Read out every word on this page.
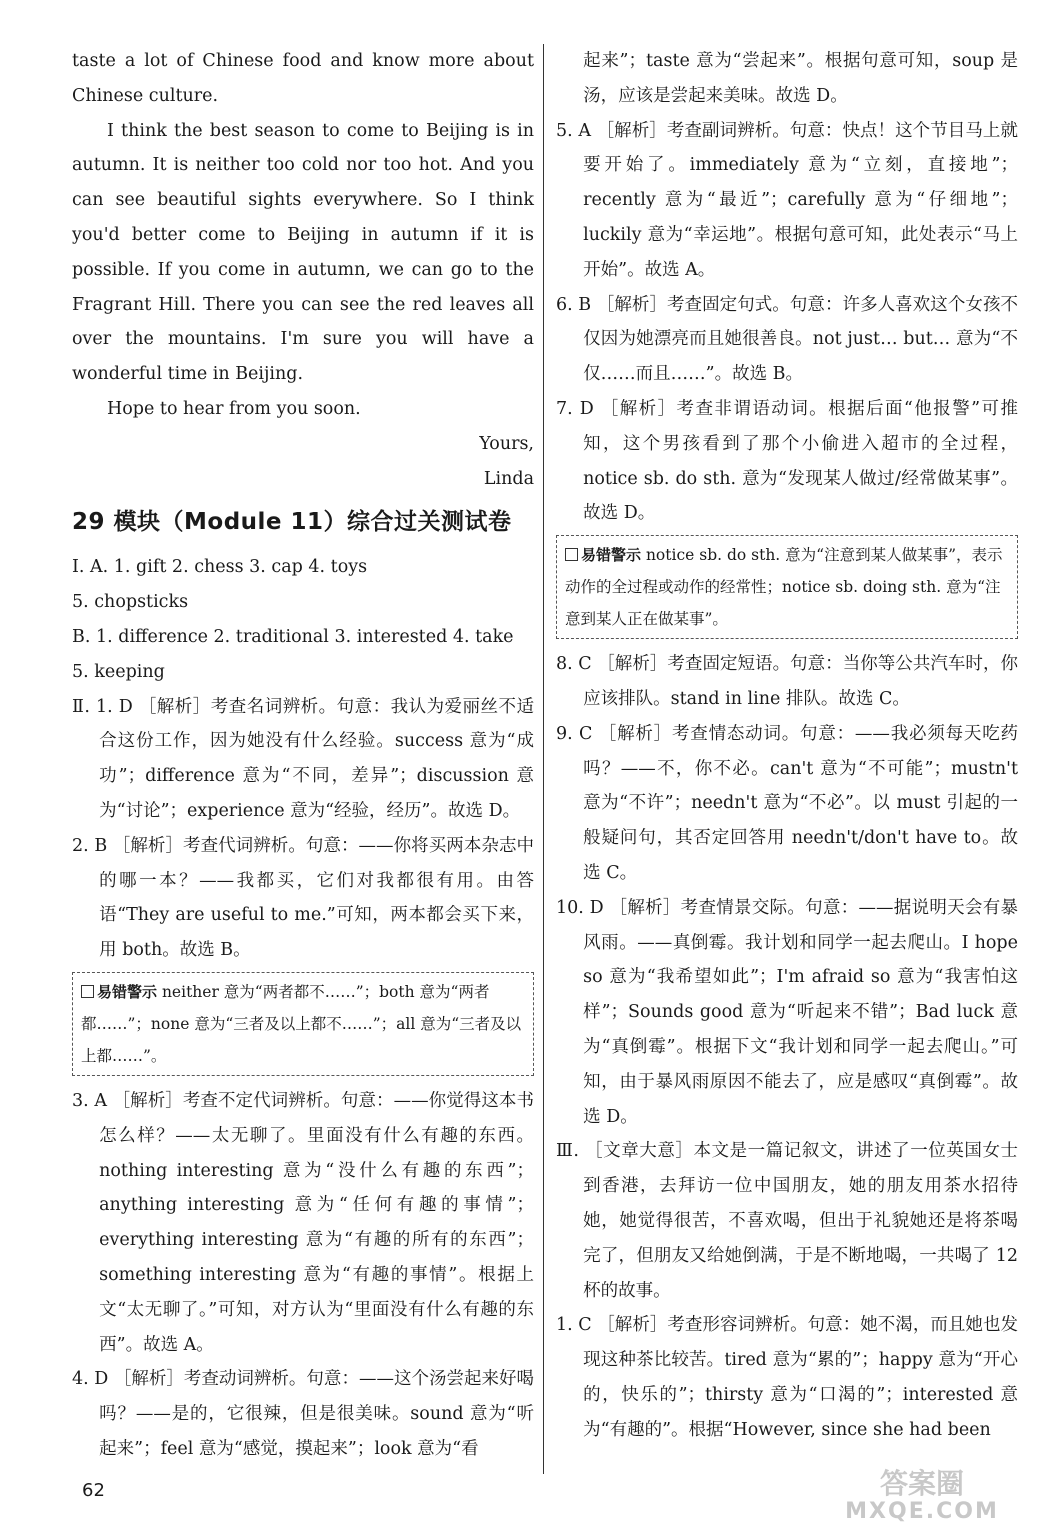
taste a lot of Chinese food and know more about Chinese culture.

I think the best season to come to Beijing is in autumn. It is neither too cold nor too hot. And you can see beautiful sights everywhere. So I think you'd better come to Beijing in autumn if it is possible. If you come in autumn, we can go to the Fragrant Hill. There you can see the red leaves all over the mountains. I'm sure you will have a wonderful time in Beijing.

Hope to hear from you soon.

Yours,

Linda

29 模块（Module 11）综合过关测试卷

Ⅰ. A. 1. gift 2. chess 3. cap 4. toys

5. chopsticks

B. 1. difference 2. traditional 3. interested 4. take

5. keeping

Ⅱ. 1. D ［解析］考查名词辨析。句意：我认为爱丽丝不适合这份工作，因为她没有什么经验。success 意为“成功”；difference 意为“不同，差异”；discussion 意为“讨论”；experience 意为“经验，经历”。故选 D。

2. B ［解析］考查代词辨析。句意：——你将买两本杂志中的哪一本？——我都买，它们对我都很有用。由答语“They are useful to me.”可知，两本都会买下来，用 both。故选 B。

易错警示 neither 意为“两者都不……”；both 意为“两者都……”；none 意为“三者及以上都不……”；all 意为“三者及以上都……”。

3. A ［解析］考查不定代词辨析。句意：——你觉得这本书怎么样？——太无聊了。里面没有什么有趣的东西。nothing interesting 意为“没什么有趣的东西”；anything interesting 意为“任何有趣的事情”；everything interesting 意为“有趣的所有的东西”；something interesting 意为“有趣的事情”。根据上文“太无聊了。”可知，对方认为“里面没有什么有趣的东西”。故选 A。

4. D ［解析］考查动词辨析。句意：——这个汤尝起来好喝吗？——是的，它很辣，但是很美味。sound 意为“听起来”；feel 意为“感觉，摸起来”；look 意为“看

起来”；taste 意为“尝起来”。根据句意可知，soup 是汤，应该是尝起来美味。故选 D。

5. A ［解析］考查副词辨析。句意：快点！这个节目马上就要开始了。immediately 意为“立刻，直接地”；recently 意为“最近”；carefully 意为“仔细地”；luckily 意为“幸运地”。根据句意可知，此处表示“马上开始”。故选 A。

6. B ［解析］考查固定句式。句意：许多人喜欢这个女孩不仅因为她漂亮而且她很善良。not just… but… 意为“不仅……而且……”。故选 B。

7. D ［解析］考查非谓语动词。根据后面“他报警”可推知，这个男孩看到了那个小偷进入超市的全过程，notice sb. do sth. 意为“发现某人做过/经常做某事”。故选 D。

易错警示 notice sb. do sth. 意为“注意到某人做某事”，表示动作的全过程或动作的经常性；notice sb. doing sth. 意为“注意到某人正在做某事”。

8. C ［解析］考查固定短语。句意：当你等公共汽车时，你应该排队。stand in line 排队。故选 C。

9. C ［解析］考查情态动词。句意：——我必须每天吃药吗？——不，你不必。can't 意为“不可能”；mustn't 意为“不许”；needn't 意为“不必”。以 must 引起的一般疑问句，其否定回答用 needn't/don't have to。故选 C。

10. D ［解析］考查情景交际。句意：——据说明天会有暴风雨。——真倒霉。我计划和同学一起去爬山。I hope so 意为“我希望如此”；I'm afraid so 意为“我害怕这样”；Sounds good 意为“听起来不错”；Bad luck 意为“真倒霉”。根据下文“我计划和同学一起去爬山。”可知，由于暴风雨原因不能去了，应是感叹“真倒霉”。故选 D。

Ⅲ. ［文章大意］本文是一篇记叙文，讲述了一位英国女士到香港，去拜访一位中国朋友，她的朋友用茶水招待她，她觉得很苦，不喜欢喝，但出于礼貌她还是将茶喝完了，但朋友又给她倒满，于是不断地喝，一共喝了 12 杯的故事。

1. C ［解析］考查形容词辨析。句意：她不渴，而且她也发现这种茶比较苦。tired 意为“累的”；happy 意为“开心的，快乐的”；thirsty 意为“口渴的”；interested 意为“有趣的”。根据“However, since she had been

62	答案圈
MXQE.COM
